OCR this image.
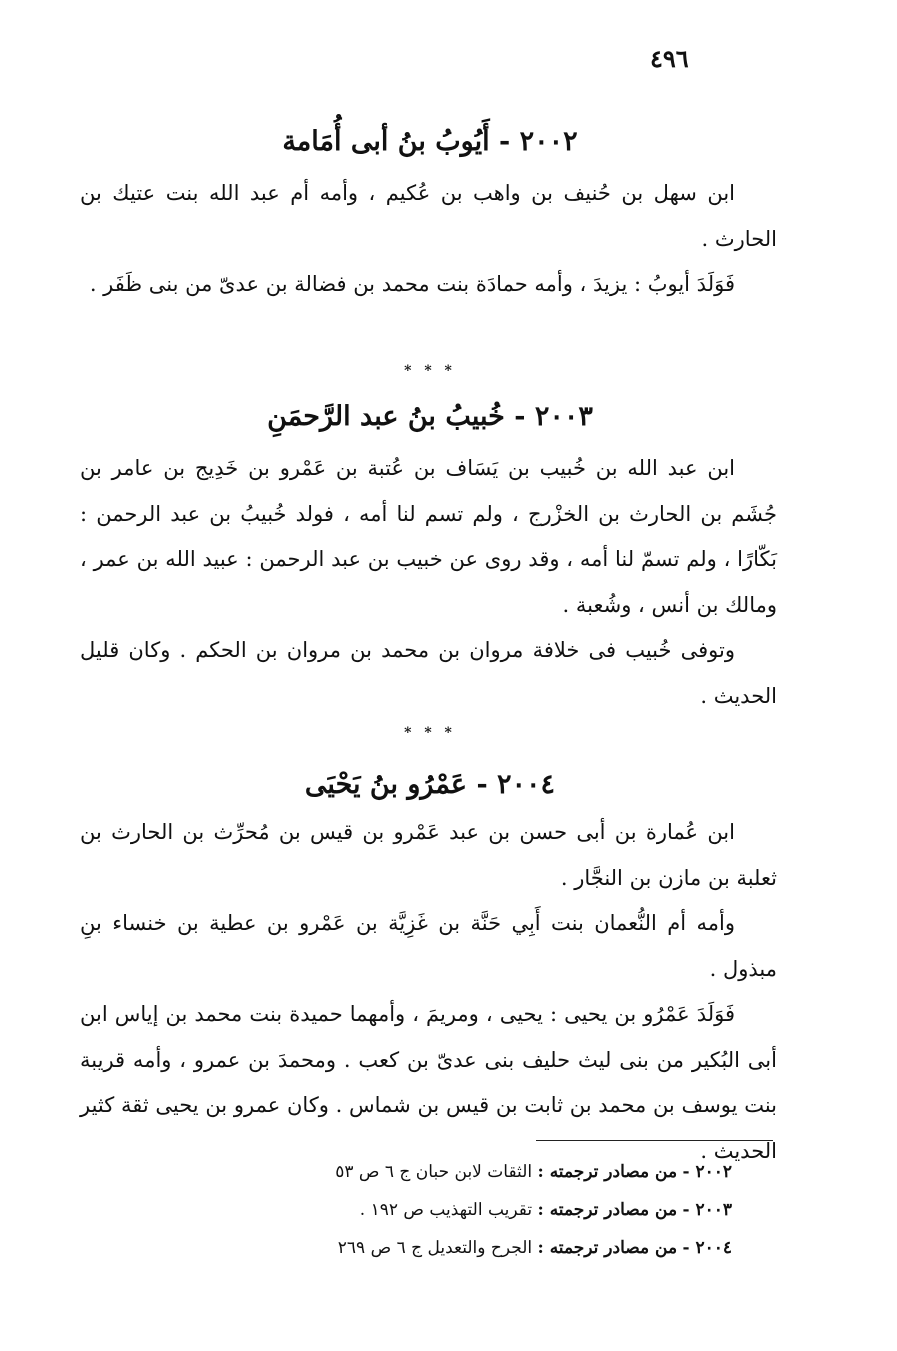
٤٩٦
٢٠٠٢ - أَيُوبُ بنُ أبى أُمَامة

ابن سهل بن حُنيف بن واهب بن عُكيم ، وأمه أم عبد الله بنت عتيك بن الحارث .

فَوَلَدَ أيوبُ : يزيدَ ، وأمه حمادَة بنت محمد بن فضالة بن عدىّ من بنى ظَفَر .

* * *
٢٠٠٣ - خُبيبُ بنُ عبد الرَّحمَنِ

ابن عبد الله بن خُبيب بن يَسَاف بن عُتبة بن عَمْرو بن خَدِيج بن عامر بن جُشَم بن الحارث بن الخزْرج ، ولم تسم لنا أمه ، فولد خُبيبُ بن عبد الرحمن : بَكّارًا ، ولم تسمّ لنا أمه ، وقد روى عن خبيب بن عبد الرحمن : عبيد الله بن عمر ، ومالك بن أنس ، وشُعبة .

وتوفى خُبيب فى خلافة مروان بن محمد بن مروان بن الحكم . وكان قليل الحديث .

* * *
٢٠٠٤ - عَمْرُو بنُ يَحْيَى

ابن عُمارة بن أبى حسن بن عبد عَمْرو بن قيس بن مُحرِّث بن الحارث بن ثعلبة بن مازن بن النجَّار .

وأمه أم النُّعمان بنت أَبِي حَنَّة بن غَزِيَّة بن عَمْرو بن عطية بن خنساء بنِ مبذول .

فَوَلَدَ عَمْرُو بن يحيى : يحيى ، ومريمَ ، وأمهما حميدة بنت محمد بن إياس ابن أبى البُكير من بنى ليث حليف بنى عدىّ بن كعب . ومحمدَ بن عمرو ، وأمه قريبة بنت يوسف بن محمد بن ثابت بن قيس بن شماس . وكان عمرو بن يحيى ثقة كثير الحديث .

٢٠٠٢ - من مصادر ترجمته : الثقات لابن حبان ج ٦ ص ٥٣
٢٠٠٣ - من مصادر ترجمته : تقريب التهذيب ص ١٩٢ .
٢٠٠٤ - من مصادر ترجمته : الجرح والتعديل ج ٦ ص ٢٦٩
